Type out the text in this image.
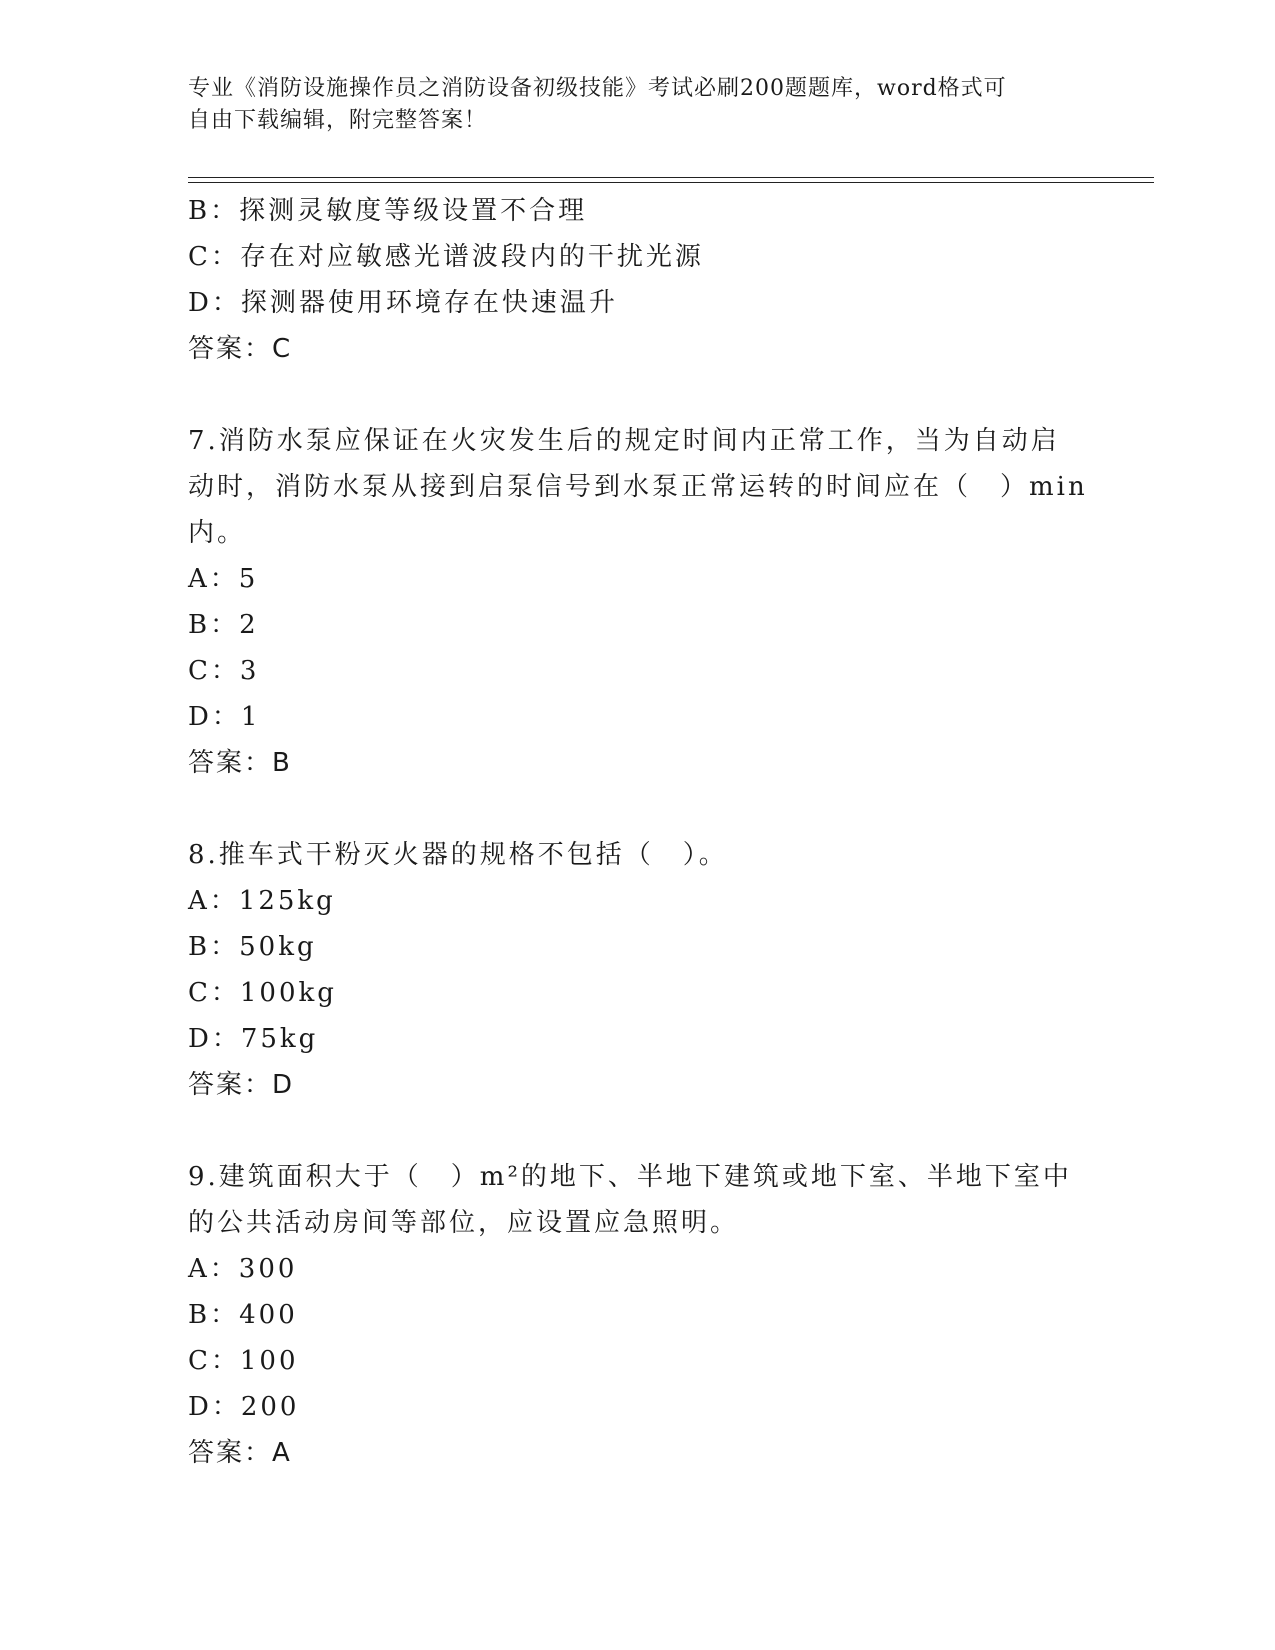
专业《消防设施操作员之消防设备初级技能》考试必刷200题题库，word格式可
自由下载编辑，附完整答案！
B：探测灵敏度等级设置不合理
C：存在对应敏感光谱波段内的干扰光源
D：探测器使用环境存在快速温升
答案：C
7.消防水泵应保证在火灾发生后的规定时间内正常工作，当为自动启
动时，消防水泵从接到启泵信号到水泵正常运转的时间应在（　）min
内。
A：5
B：2
C：3
D：1
答案：B
8.推车式干粉灭火器的规格不包括（　）。
A：125kg
B：50kg
C：100kg
D：75kg
答案：D
9.建筑面积大于（　）m²的地下、半地下建筑或地下室、半地下室中
的公共活动房间等部位，应设置应急照明。
A：300
B：400
C：100
D：200
答案：A
